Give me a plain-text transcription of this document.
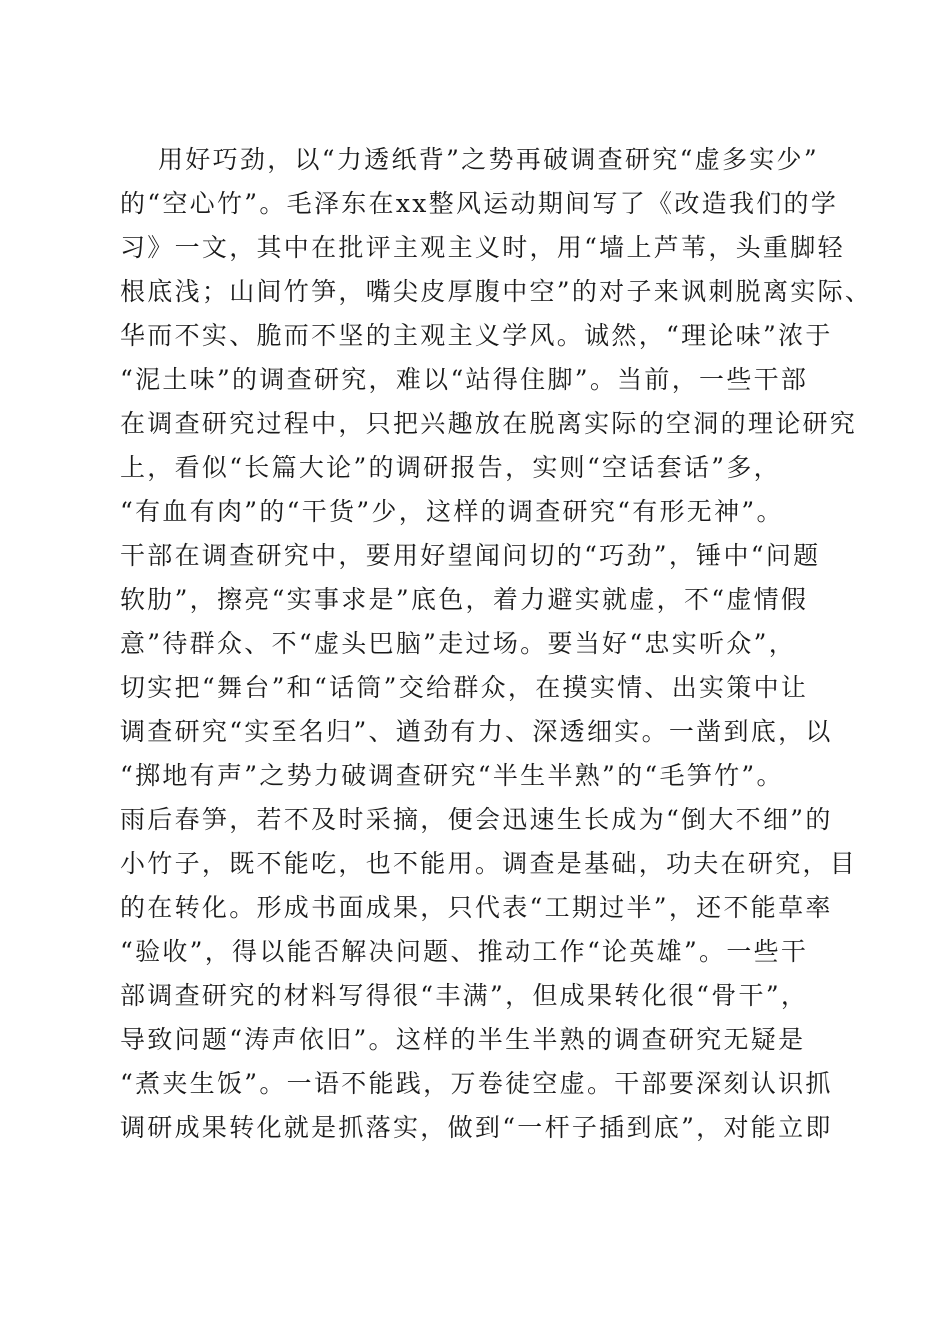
用好巧劲，以“力透纸背”之势再破调查研究“虚多实少”
的“空心竹”。毛泽东在xx整风运动期间写了《改造我们的学
习》一文，其中在批评主观主义时，用“墙上芦苇，头重脚轻
根底浅；山间竹笋，嘴尖皮厚腹中空”的对子来讽刺脱离实际、
华而不实、脆而不坚的主观主义学风。诚然，“理论味”浓于
“泥土味”的调查研究，难以“站得住脚”。当前，一些干部
在调查研究过程中，只把兴趣放在脱离实际的空洞的理论研究
上，看似“长篇大论”的调研报告，实则“空话套话”多，
“有血有肉”的“干货”少，这样的调查研究“有形无神”。
干部在调查研究中，要用好望闻问切的“巧劲”，锤中“问题
软肋”，擦亮“实事求是”底色，着力避实就虚，不“虚情假
意”待群众、不“虚头巴脑”走过场。要当好“忠实听众”，
切实把“舞台”和“话筒”交给群众，在摸实情、出实策中让
调查研究“实至名归”、遒劲有力、深透细实。一凿到底，以
“掷地有声”之势力破调查研究“半生半熟”的“毛笋竹”。
雨后春笋，若不及时采摘，便会迅速生长成为“倒大不细”的
小竹子，既不能吃，也不能用。调查是基础，功夫在研究，目
的在转化。形成书面成果，只代表“工期过半”，还不能草率
“验收”，得以能否解决问题、推动工作“论英雄”。一些干
部调查研究的材料写得很“丰满”，但成果转化很“骨干”，
导致问题“涛声依旧”。这样的半生半熟的调查研究无疑是
“煮夹生饭”。一语不能践，万卷徒空虚。干部要深刻认识抓
调研成果转化就是抓落实，做到“一杆子插到底”，对能立即
